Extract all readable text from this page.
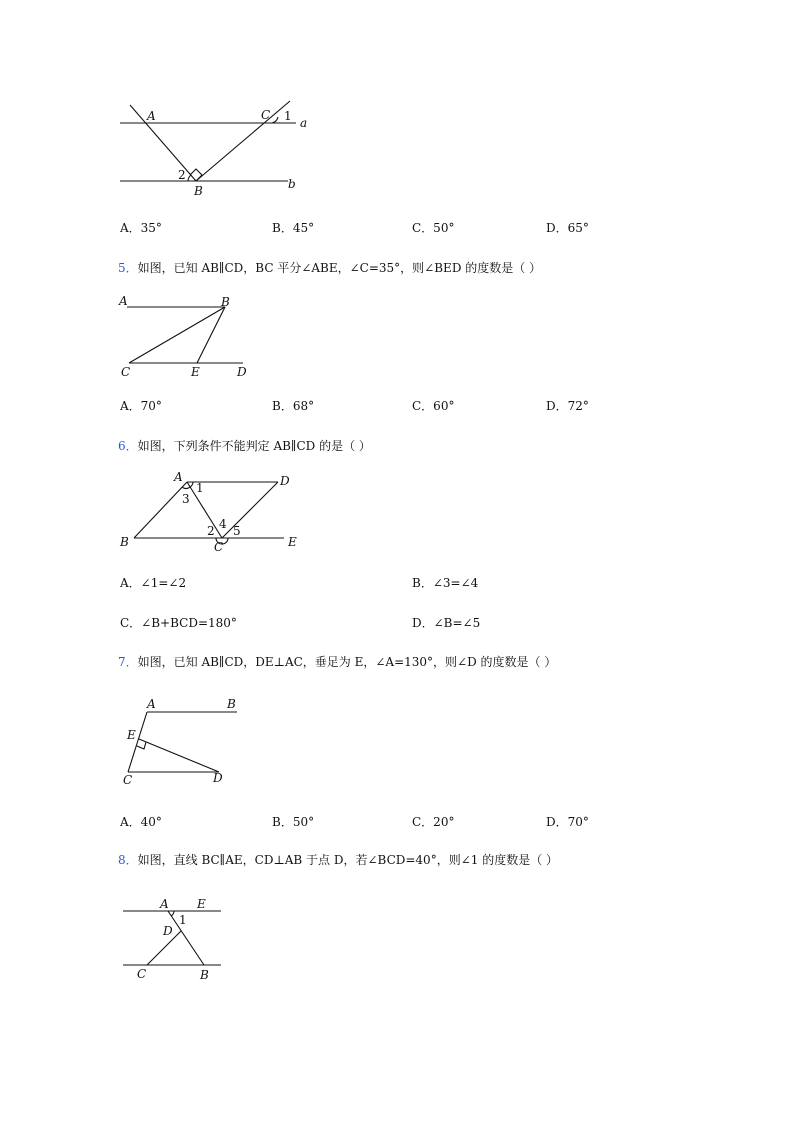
A	C 1 a
2
B	b
A．35°	B．45°	C．50°	D．65°
5．如图，已知 AB∥CD，BC 平分∠ABE，∠C=35°，则∠BED 的度数是（ ）
A	B
C	E	D
A．70°	B．68°	C．60°	D．72°
6．如图，下列条件不能判定 AB∥CD 的是（ ）
A
1
3
D
4
2 5
B	C	E
A．∠1=∠2	B．∠3=∠4
C．∠B+BCD=180°	D．∠B=∠5
7．如图，已知 AB∥CD，DE⊥AC，垂足为 E，∠A=130°，则∠D 的度数是（ ）
A	B
E
C	D
A．40°	B．50°	C．20°	D．70°
8．如图，直线 BC∥AE，CD⊥AB 于点 D，若∠BCD=40°，则∠1 的度数是（ ）
A E
1
D
C	B
